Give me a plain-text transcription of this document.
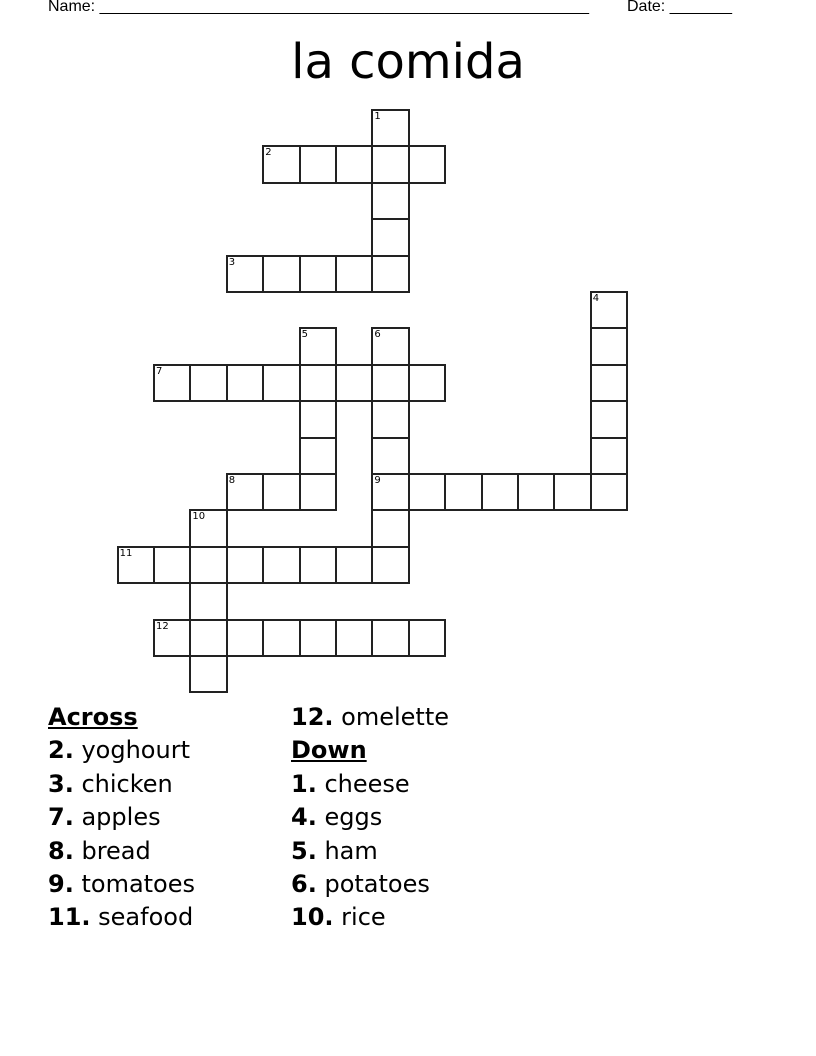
Name: _______________________________________________________ Date: _______
la comida
1
2
3
4
5	6
9
7
8
10
11
12
Across
2. yoghourt
3. chicken
7. apples
8. bread
9. tomatoes
11. seafood
12. omelette
Down
1. cheese
4. eggs
5. ham
6. potatoes
10. rice
